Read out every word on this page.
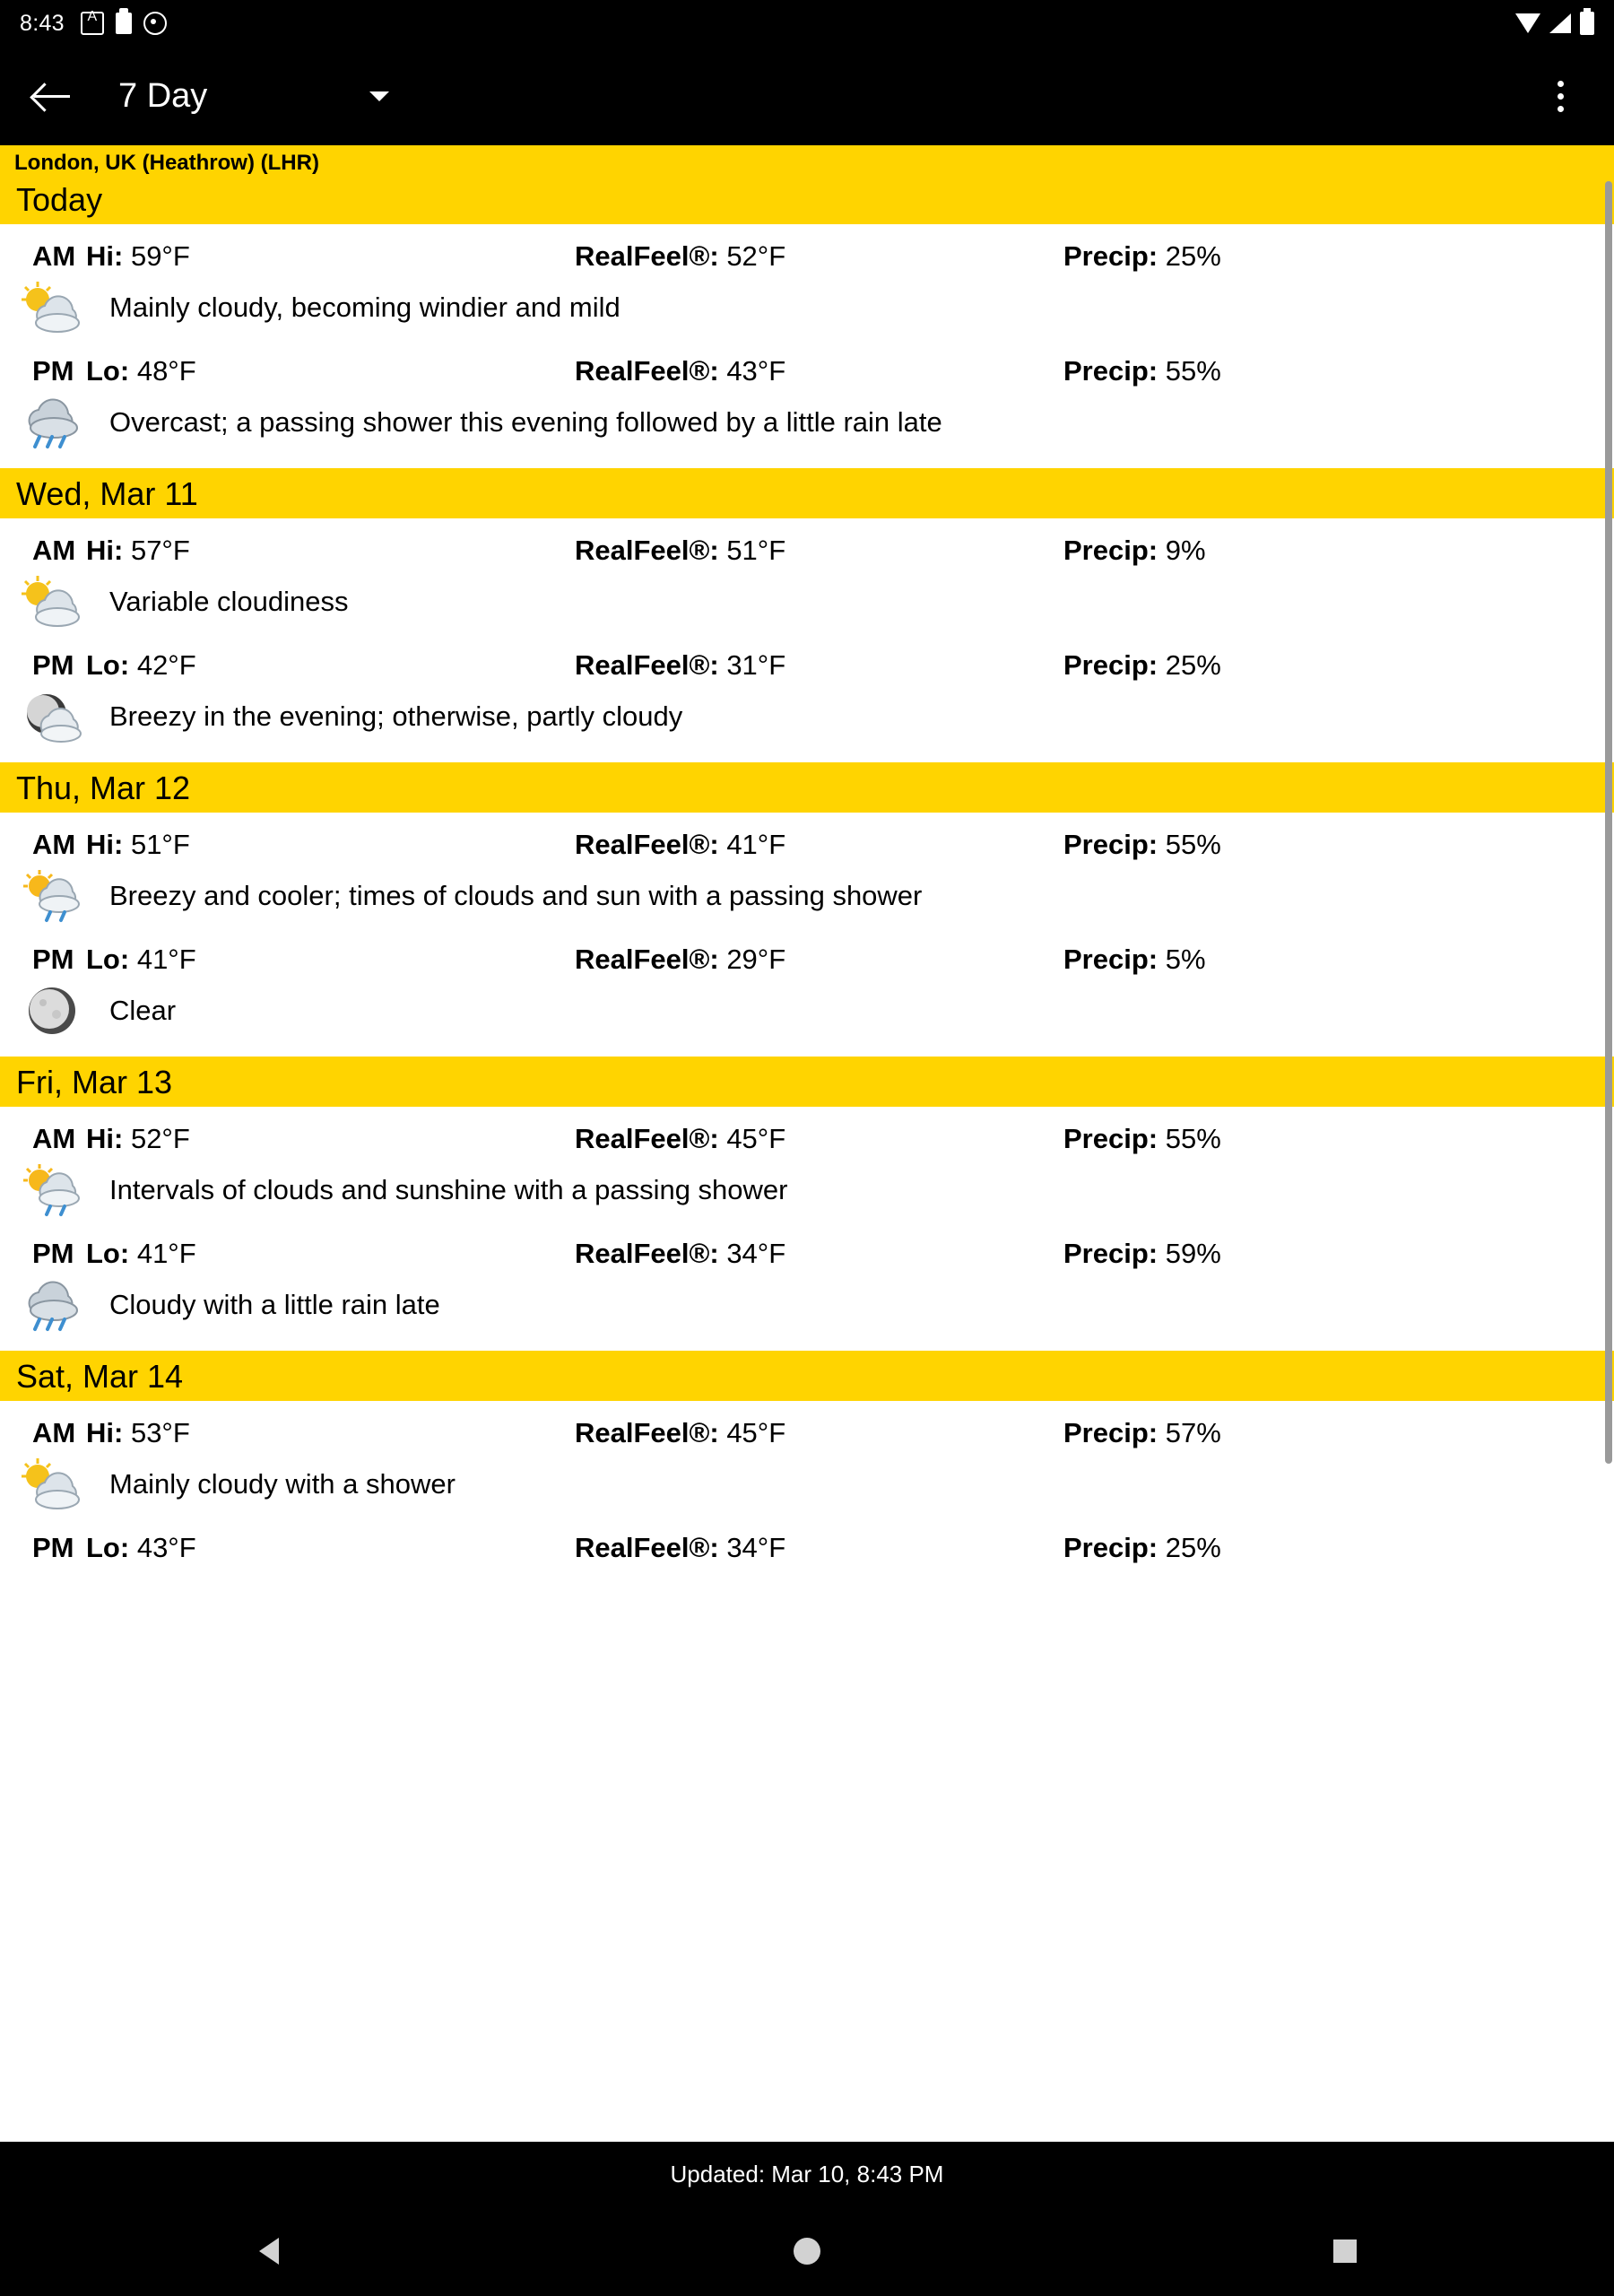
8:43
A
7 Day
London, UK (Heathrow) (LHR)
Today
AM Hi: 59°F	RealFeel®: 52°F	Precip: 25%
Mainly cloudy, becoming windier and mild
PM Lo: 48°F	RealFeel®: 43°F	Precip: 55%
Overcast; a passing shower this evening followed by a little rain late
Wed, Mar 11
AM Hi: 57°F	RealFeel®: 51°F	Precip: 9%
Variable cloudiness
PM Lo: 42°F	RealFeel®: 31°F	Precip: 25%
Breezy in the evening; otherwise, partly cloudy
Thu, Mar 12
AM Hi: 51°F	RealFeel®: 41°F	Precip: 55%
Breezy and cooler; times of clouds and sun with a passing shower
PM Lo: 41°F	RealFeel®: 29°F	Precip: 5%
Clear
Fri, Mar 13
AM Hi: 52°F	RealFeel®: 45°F	Precip: 55%
Intervals of clouds and sunshine with a passing shower
PM Lo: 41°F	RealFeel®: 34°F	Precip: 59%
Cloudy with a little rain late
Sat, Mar 14
AM Hi: 53°F	RealFeel®: 45°F	Precip: 57%
Mainly cloudy with a shower
PM Lo: 43°F	RealFeel®: 34°F	Precip: 25%
Updated: Mar 10, 8:43 PM
